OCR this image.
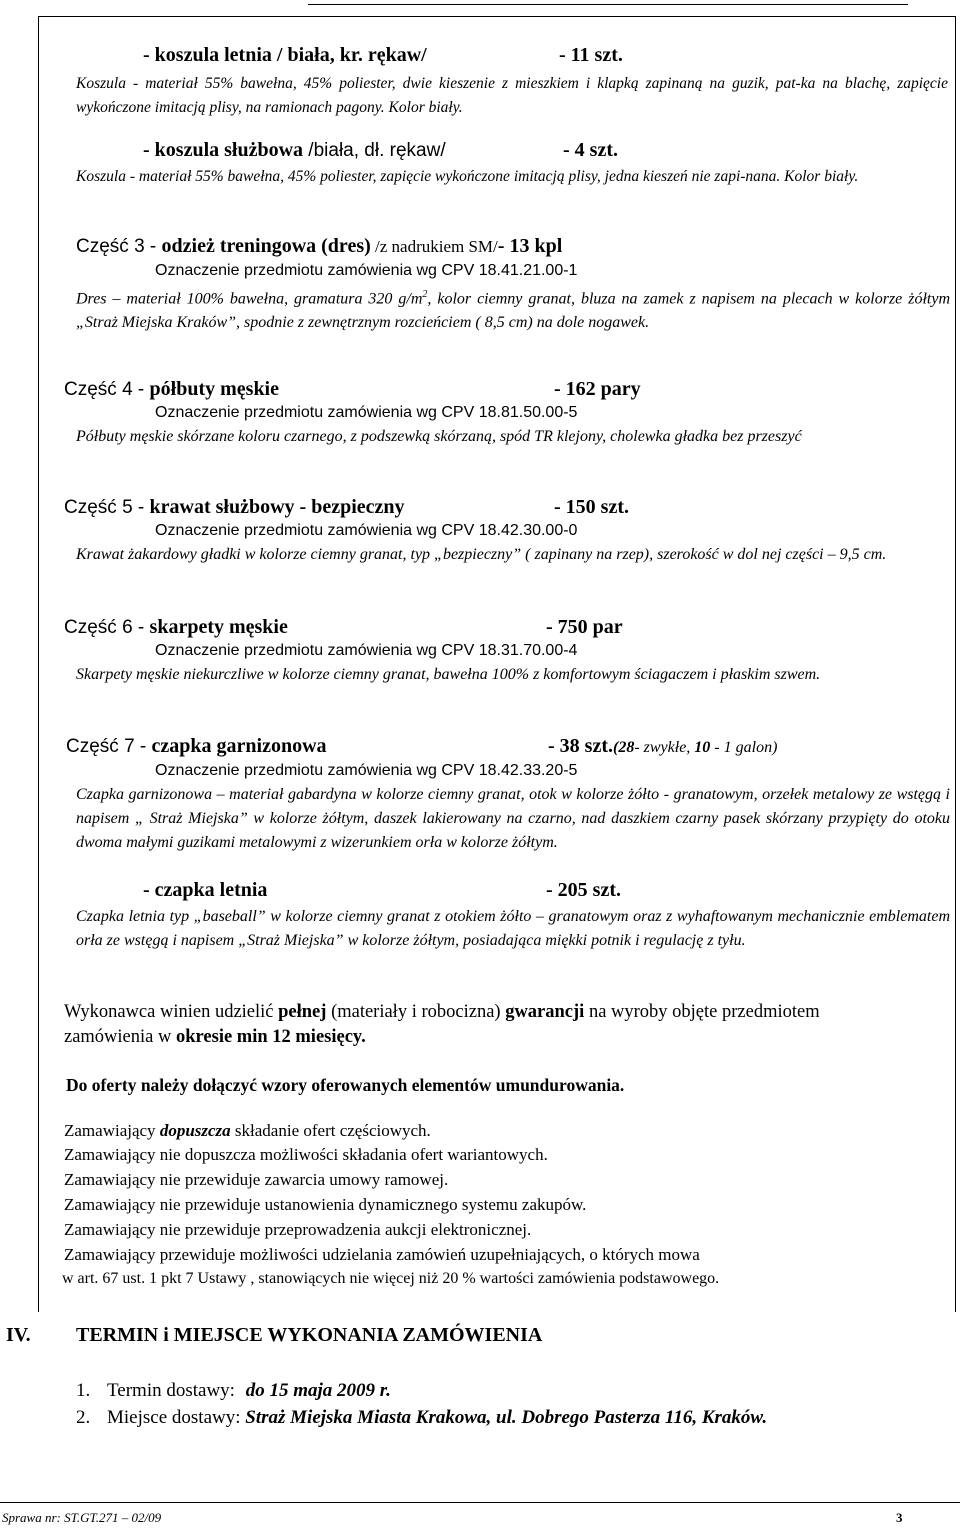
- koszula letnia / biała, kr. rękaw/	- 11 szt.
Koszula - materiał 55% bawełna, 45% poliester, dwie kieszenie z mieszkiem i klapką zapinaną na guzik, pat-ka na blachę, zapięcie wykończone imitacją plisy, na ramionach pagony. Kolor biały.
- koszula służbowa /biała, dł. rękaw/	- 4 szt.
Koszula - materiał 55% bawełna, 45% poliester, zapięcie wykończone imitacją plisy, jedna kieszeń nie zapi-nana. Kolor biały.
Część 3 - odzież treningowa (dres) /z nadrukiem SM/- 13 kpl
Oznaczenie przedmiotu zamówienia wg CPV 18.41.21.00-1
Dres – materiał 100% bawełna, gramatura 320 $g/m^2$, kolor ciemny granat, bluza na zamek z napisem na plecach w kolorze żółtym „Straż Miejska Kraków”, spodnie z zewnętrznym rozcieńciem ( 8,5 cm) na dole nogawek.
Część 4 - półbuty męskie	- 162 pary
Oznaczenie przedmiotu zamówienia wg CPV 18.81.50.00-5
Półbuty męskie skórzane koloru czarnego, z podszewką skórzaną, spód TR klejony, cholewka gładka bez przeszyć
Część 5 - krawat służbowy - bezpieczny	- 150 szt.
Oznaczenie przedmiotu zamówienia wg CPV 18.42.30.00-0
Krawat żakardowy gładki w kolorze ciemny granat, typ „bezpieczny” ( zapinany na rzep), szerokość w dol nej części – 9,5 cm.
Część 6 - skarpety męskie	- 750 par
Oznaczenie przedmiotu zamówienia wg CPV 18.31.70.00-4
Skarpety męskie niekurczliwe w kolorze ciemny granat, bawełna 100% z komfortowym ściagaczem i płaskim szwem.
Część 7 - czapka garnizonowa	- 38 szt.(28- zwykłe, 10 - 1 galon)
Oznaczenie przedmiotu zamówienia wg CPV 18.42.33.20-5
Czapka garnizonowa – materiał gabardyna w kolorze ciemny granat, otok w kolorze żółto - granatowym, orzełek metalowy ze wstęgą i napisem „ Straż Miejska” w kolorze żółtym, daszek lakierowany na czarno, nad daszkiem czarny pasek skórzany przypięty do otoku dwoma małymi guzikami metalowymi z wizerunkiem orła w kolorze żółtym.
- czapka letnia	- 205 szt.
Czapka letnia typ „baseball” w kolorze ciemny granat z otokiem żółto – granatowym oraz z wyhaftowanym mechanicznie emblematem orła ze wstęgą i napisem „Straż Miejska” w kolorze żółtym, posiadająca miękki potnik i regulację z tyłu.
Wykonawca winien udzielić pełnej (materiały i robocizna) gwarancji na wyroby objęte przedmiotem zamówienia w okresie min 12 miesięcy.
Do oferty należy dołączyć wzory oferowanych elementów umundurowania.
Zamawiający dopuszcza składanie ofert częściowych.
Zamawiający nie dopuszcza możliwości składania ofert wariantowych.
Zamawiający nie przewiduje zawarcia umowy ramowej.
Zamawiający nie przewiduje ustanowienia dynamicznego systemu zakupów.
Zamawiający nie przewiduje przeprowadzenia aukcji elektronicznej.
Zamawiający przewiduje możliwości udzielania zamówień uzupełniających, o których mowa
w art. 67 ust. 1 pkt 7 Ustawy , stanowiących nie więcej niż 20 % wartości zamówienia podstawowego.
IV. TERMIN i MIEJSCE WYKONANIA ZAMÓWIENIA
1. Termin dostawy: do 15 maja 2009 r.
2. Miejsce dostawy: Straż Miejska Miasta Krakowa, ul. Dobrego Pasterza 116, Kraków.
Sprawa nr: ST.GT.271 – 02/09	3
